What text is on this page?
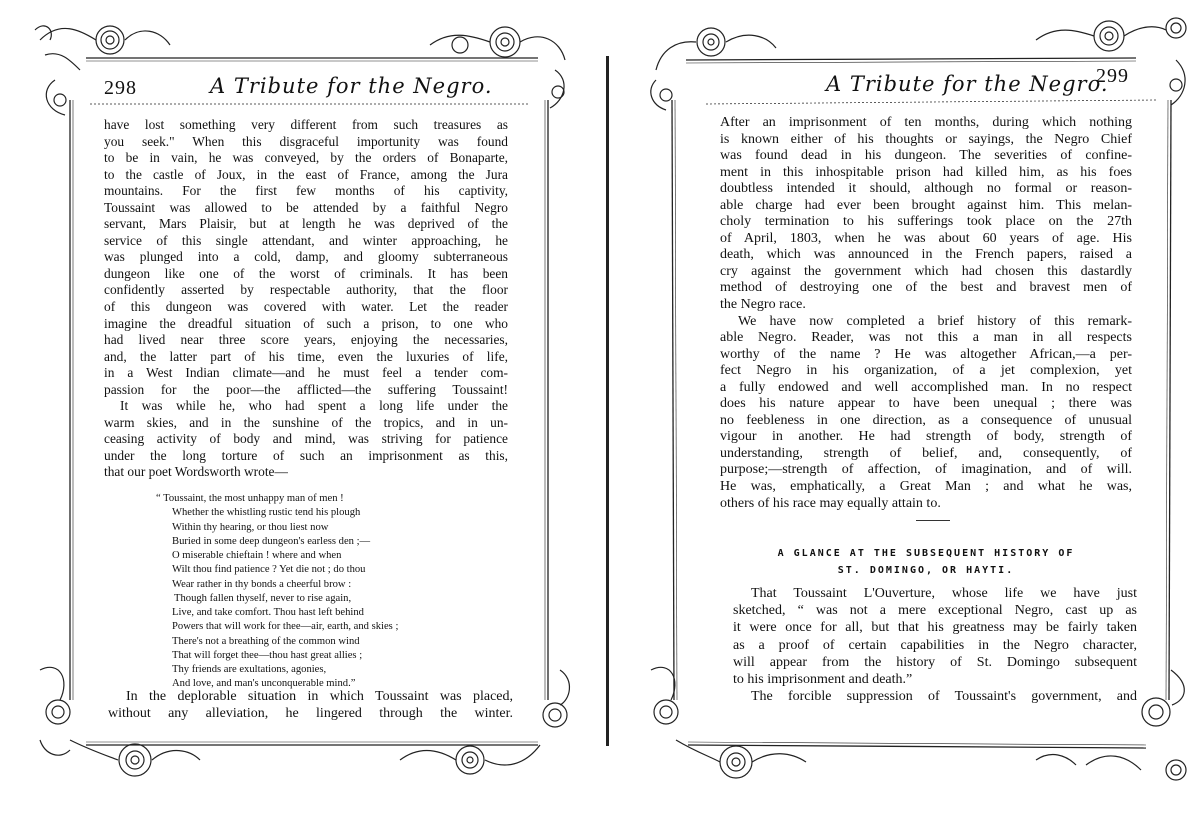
298	A Tribute for the Negro.
have lost something very different from such treasures as
you seek." When this disgraceful importunity was found
to be in vain, he was conveyed, by the orders of Bonaparte,
to the castle of Joux, in the east of France, among the Jura
mountains. For the first few months of his captivity,
Toussaint was allowed to be attended by a faithful Negro
servant, Mars Plaisir, but at length he was deprived of the
service of this single attendant, and winter approaching, he
was plunged into a cold, damp, and gloomy subterraneous
dungeon like one of the worst of criminals. It has been
confidently asserted by respectable authority, that the floor
of this dungeon was covered with water. Let the reader
imagine the dreadful situation of such a prison, to one who
had lived near three score years, enjoying the necessaries,
and, the latter part of his time, even the luxuries of life,
in a West Indian climate—and he must feel a tender com-
passion for the poor—the afflicted—the suffering Toussaint!
It was while he, who had spent a long life under the
warm skies, and in the sunshine of the tropics, and in un-
ceasing activity of body and mind, was striving for patience
under the long torture of such an imprisonment as this,
that our poet Wordsworth wrote—
“ Toussaint, the most unhappy man of men !
Whether the whistling rustic tend his plough
Within thy hearing, or thou liest now
Buried in some deep dungeon's earless den ;—
O miserable chieftain ! where and when
Wilt thou find patience ? Yet die not ; do thou
Wear rather in thy bonds a cheerful brow :
Though fallen thyself, never to rise again,
Live, and take comfort. Thou hast left behind
Powers that will work for thee—air, earth, and skies ;
There's not a breathing of the common wind
That will forget thee—thou hast great allies ;
Thy friends are exultations, agonies,
And love, and man's unconquerable mind.”
In the deplorable situation in which Toussaint was placed,
without any alleviation, he lingered through the winter.
A Tribute for the Negro.
299
After an imprisonment of ten months, during which nothing
is known either of his thoughts or sayings, the Negro Chief
was found dead in his dungeon. The severities of confine-
ment in this inhospitable prison had killed him, as his foes
doubtless intended it should, although no formal or reason-
able charge had ever been brought against him. This melan-
choly termination to his sufferings took place on the 27th
of April, 1803, when he was about 60 years of age. His
death, which was announced in the French papers, raised a
cry against the government which had chosen this dastardly
method of destroying one of the best and bravest men of
the Negro race.
We have now completed a brief history of this remark-
able Negro. Reader, was not this a man in all respects
worthy of the name ? He was altogether African,—a per-
fect Negro in his organization, of a jet complexion, yet
a fully endowed and well accomplished man. In no respect
does his nature appear to have been unequal ; there was
no feebleness in one direction, as a consequence of unusual
vigour in another. He had strength of body, strength of
understanding, strength of belief, and, consequently, of
purpose;—strength of affection, of imagination, and of will.
He was, emphatically, a Great Man ; and what he was,
others of his race may equally attain to.
A GLANCE AT THE SUBSEQUENT HISTORY OF
ST. DOMINGO, OR HAYTI.
That Toussaint L'Ouverture, whose life we have just
sketched, “ was not a mere exceptional Negro, cast up as
it were once for all, but that his greatness may be fairly taken
as a proof of certain capabilities in the Negro character,
will appear from the history of St. Domingo subsequent
to his imprisonment and death.”
The forcible suppression of Toussaint's government, and
